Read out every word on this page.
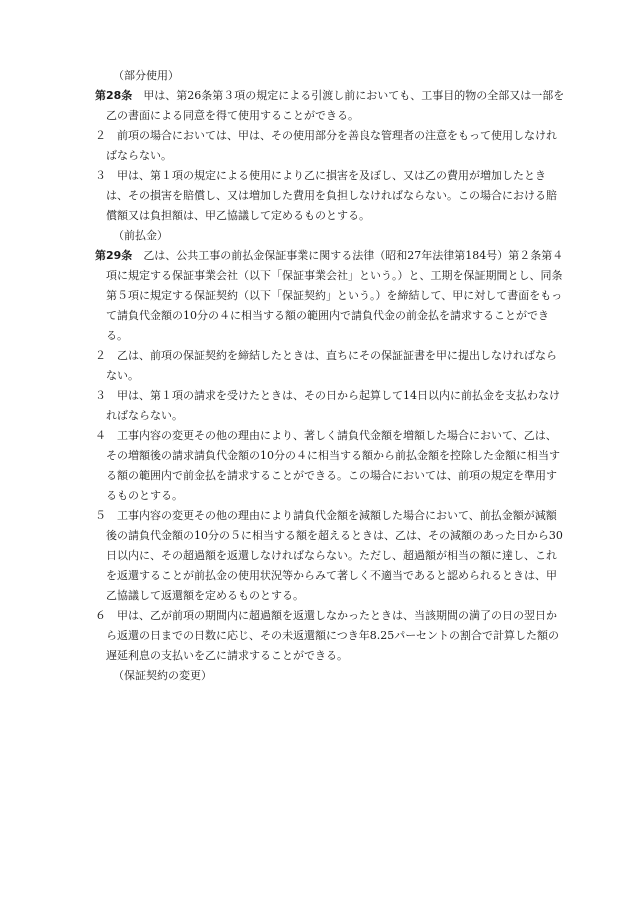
（部分使用）
第28条　 甲は、第26条第３項の規定による引渡し前においても、工事目的物の全部又は一部を乙の書面による同意を得て使用することができる。
２ 前項の場合においては、甲は、その使用部分を善良な管理者の注意をもって使用しなければならない。
３ 甲は、第１項の規定による使用により乙に損害を及ぼし、又は乙の費用が増加したときは、その損害を賠償し、又は増加した費用を負担しなければならない。この場合における賠償額又は負担額は、甲乙協議して定めるものとする。
（前払金）
第29条　 乙は、公共工事の前払金保証事業に関する法律（昭和27年法律第184号）第２条第４項に規定する保証事業会社（以下「保証事業会社」という。）と、工期を保証期間とし、同条第５項に規定する保証契約（以下「保証契約」という。）を締結して、甲に対して書面をもって請負代金額の10分の４に相当する額の範囲内で請負代金の前金払を請求することができる。
２ 乙は、前項の保証契約を締結したときは、直ちにその保証証書を甲に提出しなければならない。
３ 甲は、第１項の請求を受けたときは、その日から起算して14日以内に前払金を支払わなければならない。
４ 工事内容の変更その他の理由により、著しく請負代金額を増額した場合において、乙は、その増額後の請求請負代金額の10分の４に相当する額から前払金額を控除した金額に相当する額の範囲内で前金払を請求することができる。この場合においては、前項の規定を準用するものとする。
５ 工事内容の変更その他の理由により請負代金額を減額した場合において、前払金額が減額後の請負代金額の10分の５に相当する額を超えるときは、乙は、その減額のあった日から30日以内に、その超過額を返還しなければならない。ただし、超過額が相当の額に達し、これを返還することが前払金の使用状況等からみて著しく不適当であると認められるときは、甲乙協議して返還額を定めるものとする。
６ 甲は、乙が前項の期間内に超過額を返還しなかったときは、当該期間の満了の日の翌日から返還の日までの日数に応じ、その未返還額につき年8.25パーセントの割合で計算した額の遅延利息の支払いを乙に請求することができる。
（保証契約の変更）
